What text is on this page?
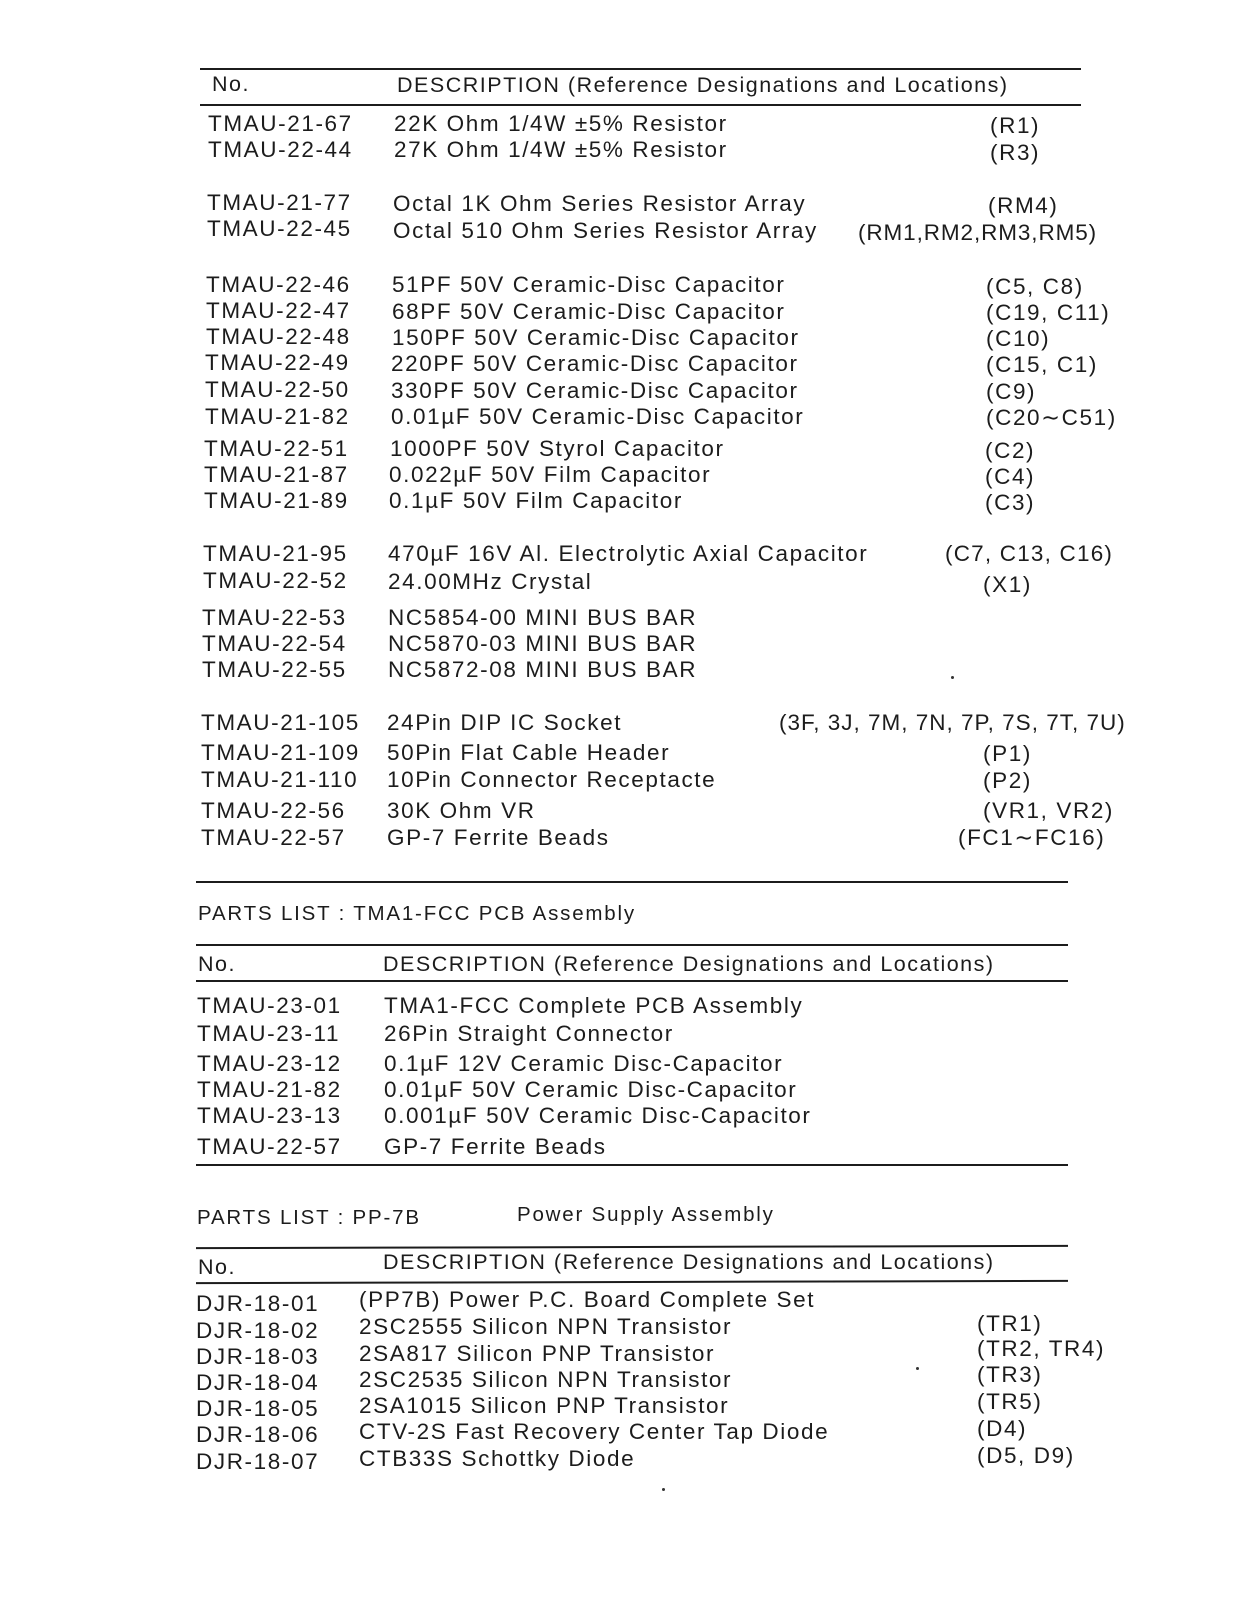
No.	DESCRIPTION (Reference Designations and Locations)
TMAU-21-67 22K Ohm 1/4W ±5% Resistor	(R1)
TMAU-22-44 27K Ohm 1/4W ±5% Resistor	(R3)
TMAU-21-77 Octal 1K Ohm Series Resistor Array	(RM4)
TMAU-22-45 Octal 510 Ohm Series Resistor Array (RM1,RM2,RM3,RM5)
TMAU-22-46 51PF 50V Ceramic-Disc Capacitor	(C5, C8)
TMAU-22-47 68PF 50V Ceramic-Disc Capacitor	(C19, C11)
TMAU-22-48 150PF 50V Ceramic-Disc Capacitor	(C10)
TMAU-22-49 220PF 50V Ceramic-Disc Capacitor	(C15, C1)
TMAU-22-50 330PF 50V Ceramic-Disc Capacitor	(C9)
TMAU-21-82 0.01µF 50V Ceramic-Disc Capacitor	(C20∼C51)
TMAU-22-51 1000PF 50V Styrol Capacitor	(C2)
TMAU-21-87 0.022µF 50V Film Capacitor	(C4)
TMAU-21-89 0.1µF 50V Film Capacitor	(C3)
TMAU-21-95 470µF 16V Al. Electrolytic Axial Capacitor	(C7, C13, C16)
TMAU-22-52 24.00MHz Crystal	(X1)
TMAU-22-53 NC5854-00 MINI BUS BAR
TMAU-22-54 NC5870-03 MINI BUS BAR
TMAU-22-55 NC5872-08 MINI BUS BAR
TMAU-21-105 24Pin DIP IC Socket	(3F, 3J, 7M, 7N, 7P, 7S, 7T, 7U)
TMAU-21-109 50Pin Flat Cable Header	(P1)
TMAU-21-110 10Pin Connector Receptacte	(P2)
TMAU-22-56 30K Ohm VR	(VR1, VR2)
TMAU-22-57 GP-7 Ferrite Beads	(FC1∼FC16)
PARTS LIST : TMA1-FCC PCB Assembly
No.	DESCRIPTION (Reference Designations and Locations)
TMAU-23-01 TMA1-FCC Complete PCB Assembly
TMAU-23-11 26Pin Straight Connector
TMAU-23-12 0.1µF 12V Ceramic Disc-Capacitor
TMAU-21-82 0.01µF 50V Ceramic Disc-Capacitor
TMAU-23-13 0.001µF 50V Ceramic Disc-Capacitor
TMAU-22-57 GP-7 Ferrite Beads
PARTS LIST : PP-7B	Power Supply Assembly
No.	DESCRIPTION (Reference Designations and Locations)
DJR-18-01 (PP7B) Power P.C. Board Complete Set
DJR-18-02 2SC2555 Silicon NPN Transistor	(TR1)
DJR-18-03 2SA817 Silicon PNP Transistor	(TR2, TR4)
DJR-18-04 2SC2535 Silicon NPN Transistor	(TR3)
DJR-18-05 2SA1015 Silicon PNP Transistor	(TR5)
DJR-18-06 CTV-2S Fast Recovery Center Tap Diode	(D4)
DJR-18-07 CTB33S Schottky Diode	(D5, D9)
